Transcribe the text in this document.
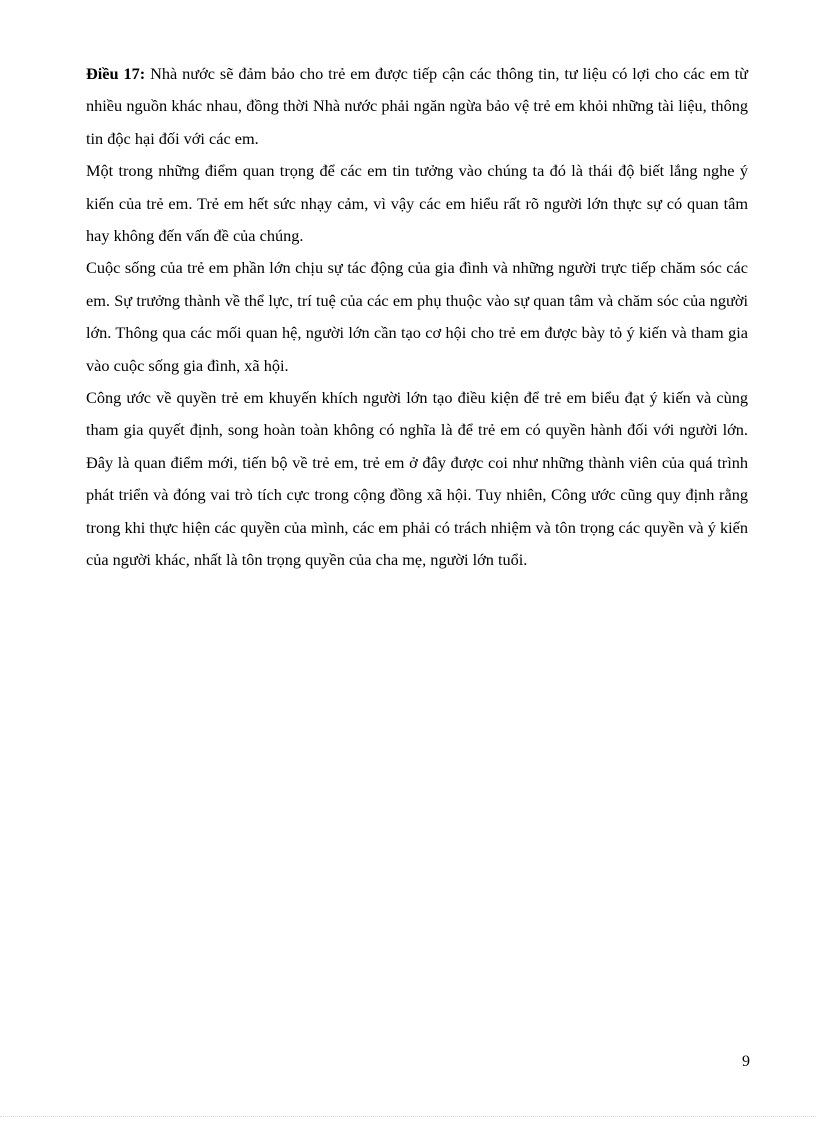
Điều 17: Nhà nước sẽ đảm bảo cho trẻ em được tiếp cận các thông tin, tư liệu có lợi cho các em từ nhiều nguồn khác nhau, đồng thời Nhà nước phải ngăn ngừa bảo vệ trẻ em khỏi những tài liệu, thông tin độc hại đối với các em.

Một trong những điểm quan trọng để các em tin tưởng vào chúng ta đó là thái độ biết lắng nghe ý kiến của trẻ em. Trẻ em hết sức nhạy cảm, vì vậy các em hiểu rất rõ người lớn thực sự có quan tâm hay không đến vấn đề của chúng.

Cuộc sống của trẻ em phần lớn chịu sự tác động của gia đình và những người trực tiếp chăm sóc các em. Sự trưởng thành về thể lực, trí tuệ của các em phụ thuộc vào sự quan tâm và chăm sóc của người lớn. Thông qua các mối quan hệ, người lớn cần tạo cơ hội cho trẻ em được bày tỏ ý kiến và tham gia vào cuộc sống gia đình, xã hội.

Công ước về quyền trẻ em khuyến khích người lớn tạo điều kiện để trẻ em biểu đạt ý kiến và cùng tham gia quyết định, song hoàn toàn không có nghĩa là để trẻ em có quyền hành đối với người lớn. Đây là quan điểm mới, tiến bộ về trẻ em, trẻ em ở đây được coi như những thành viên của quá trình phát triển và đóng vai trò tích cực trong cộng đồng xã hội. Tuy nhiên, Công ước cũng quy định rằng trong khi thực hiện các quyền của mình, các em phải có trách nhiệm và tôn trọng các quyền và ý kiến của người khác, nhất là tôn trọng quyền của cha mẹ, người lớn tuổi.

9
